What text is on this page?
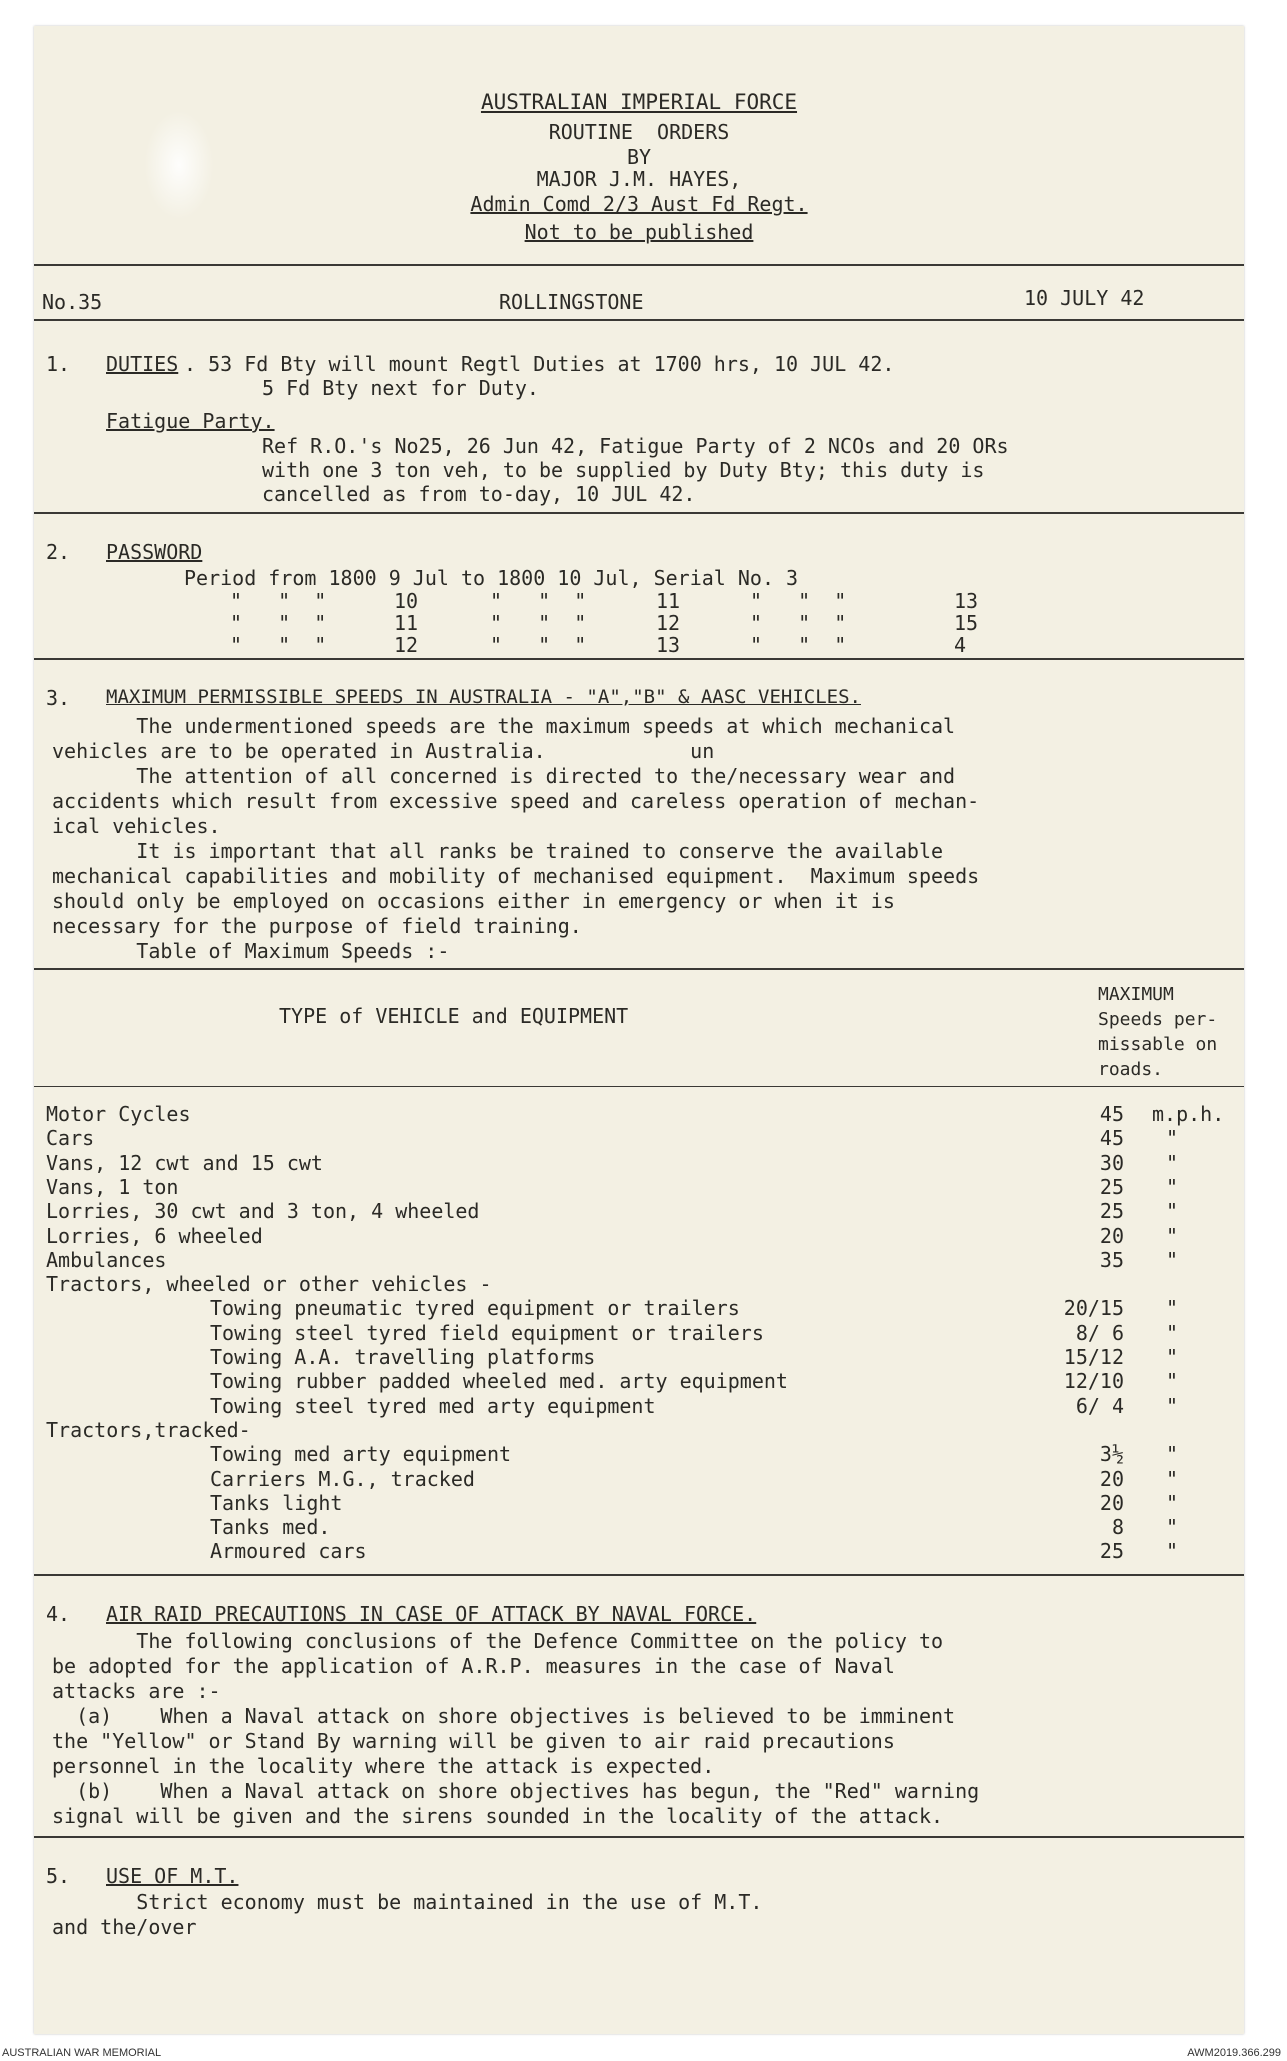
AUSTRALIAN IMPERIAL FORCE
ROUTINE  ORDERS
BY
MAJOR J.M. HAYES,
Admin Comd 2/3 Aust Fd Regt.
Not to be published
No.35	ROLLINGSTONE	10 JULY 42
1. DUTIES . 53 Fd Bty will mount Regtl Duties at 1700 hrs, 10 JUL 42.
5 Fd Bty next for Duty.
Fatigue Party.
Ref R.O.'s No25, 26 Jun 42, Fatigue Party of 2 NCOs and 20 ORs
with one 3 ton veh, to be supplied by Duty Bty; this duty is
cancelled as from to-day, 10 JUL 42.
2. PASSWORD
Period from 1800 9 Jul to 1800 10 Jul, Serial No. 3
"   "  "	10	"   "  "	11	"   "  "	13
"   "  "	11	"   "  "	12	"   "  "	15
"   "  "	12	"   "  "	13	"   "  "	4
3. MAXIMUM PERMISSIBLE SPEEDS IN AUSTRALIA - "A","B" & AASC VEHICLES.
The undermentioned speeds are the maximum speeds at which mechanical
vehicles are to be operated in Australia.            un
The attention of all concerned is directed to the/necessary wear and
accidents which result from excessive speed and careless operation of mechan-
ical vehicles.
It is important that all ranks be trained to conserve the available
mechanical capabilities and mobility of mechanised equipment.  Maximum speeds
should only be employed on occasions either in emergency or when it is
necessary for the purpose of field training.
Table of Maximum Speeds :-
TYPE of VEHICLE and EQUIPMENT
MAXIMUM
Speeds per-
missable on
roads.
Motor Cycles	45 m.p.h.
Cars	45 "
Vans, 12 cwt and 15 cwt	30 "
Vans, 1 ton	25 "
Lorries, 30 cwt and 3 ton, 4 wheeled	25 "
Lorries, 6 wheeled	20 "
Ambulances	35 "
Tractors, wheeled or other vehicles -
Towing pneumatic tyred equipment or trailers	20/15 "
Towing steel tyred field equipment or trailers	8/ 6 "
Towing A.A. travelling platforms	15/12 "
Towing rubber padded wheeled med. arty equipment	12/10 "
Towing steel tyred med arty equipment	6/ 4 "
Tractors,tracked-
Towing med arty equipment	3½ "
Carriers M.G., tracked	20 "
Tanks light	20 "
Tanks med.	8 "
Armoured cars	25 "
4. AIR RAID PRECAUTIONS IN CASE OF ATTACK BY NAVAL FORCE.
The following conclusions of the Defence Committee on the policy to
be adopted for the application of A.R.P. measures in the case of Naval
attacks are :-
(a)    When a Naval attack on shore objectives is believed to be imminent
the "Yellow" or Stand By warning will be given to air raid precautions
personnel in the locality where the attack is expected.
(b)    When a Naval attack on shore objectives has begun, the "Red" warning
signal will be given and the sirens sounded in the locality of the attack.
5. USE OF M.T.
Strict economy must be maintained in the use of M.T.
and the/over
AUSTRALIAN WAR MEMORIAL	AWM2019.366.299
